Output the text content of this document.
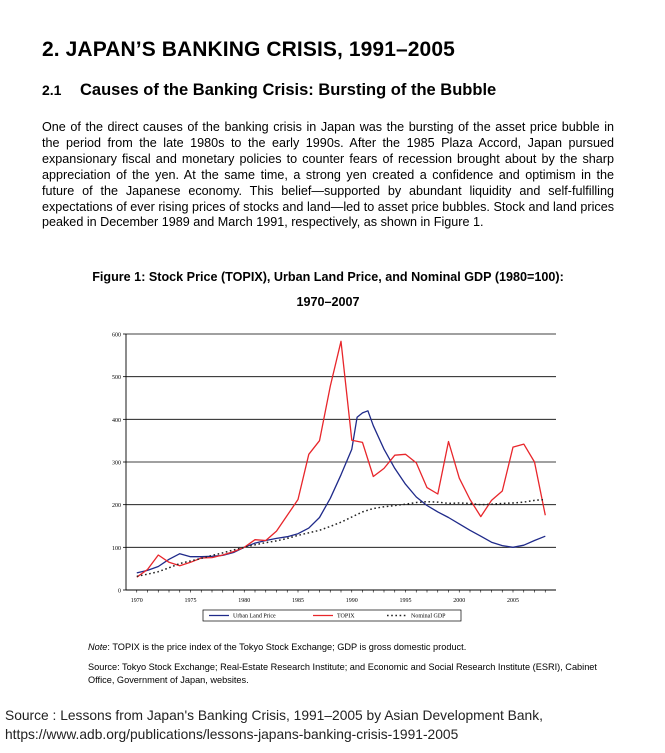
2. JAPAN’S BANKING CRISIS, 1991–2005
2.1 Causes of the Banking Crisis: Bursting of the Bubble
One of the direct causes of the banking crisis in Japan was the bursting of the asset price bubble in the period from the late 1980s to the early 1990s. After the 1985 Plaza Accord, Japan pursued expansionary fiscal and monetary policies to counter fears of recession brought about by the sharp appreciation of the yen. At the same time, a strong yen created a confidence and optimism in the future of the Japanese economy. This belief—supported by abundant liquidity and self-fulfilling expectations of ever rising prices of stocks and land—led to asset price bubbles. Stock and land prices peaked in December 1989 and March 1991, respectively, as shown in Figure 1.
Figure 1: Stock Price (TOPIX), Urban Land Price, and Nominal GDP (1980=100):
1970–2007
0
100
200
300
400
500
600
1970	1975	1980	1985	1990	1995	2000	2005
Urban Land Price	TOPIX	Nominal GDP
Note: TOPIX is the price index of the Tokyo Stock Exchange; GDP is gross domestic product.
Source: Tokyo Stock Exchange; Real-Estate Research Institute; and Economic and Social Research Institute (ESRI), Cabinet Office, Government of Japan, websites.
Source : Lessons from Japan's Banking Crisis, 1991–2005 by Asian Development Bank,
https://www.adb.org/publications/lessons-japans-banking-crisis-1991-2005
